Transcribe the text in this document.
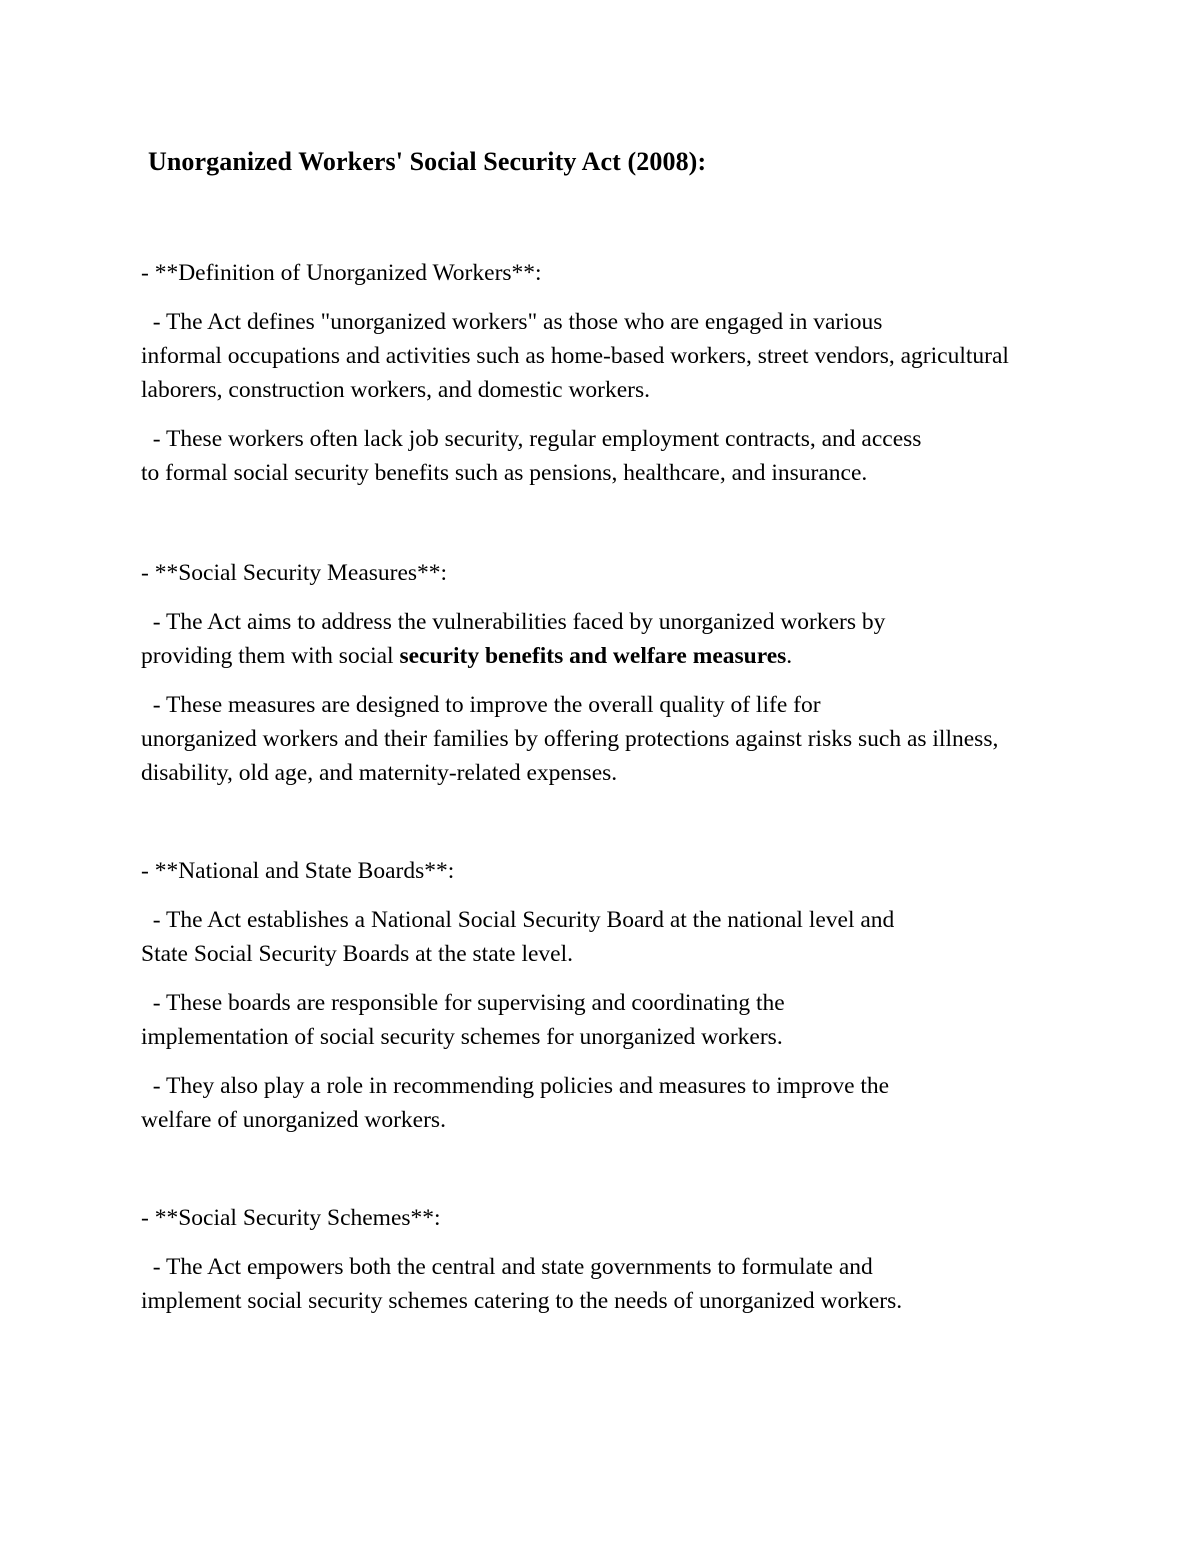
Unorganized Workers' Social Security Act (2008):

- **Definition of Unorganized Workers**:

- The Act defines "unorganized workers" as those who are engaged in various

informal occupations and activities such as home-based workers, street vendors, agricultural laborers, construction workers, and domestic workers.

- These workers often lack job security, regular employment contracts, and access
to formal social security benefits such as pensions, healthcare, and insurance.

- **Social Security Measures**:

- The Act aims to address the vulnerabilities faced by unorganized workers by
providing them with social security benefits and welfare measures.

- These measures are designed to improve the overall quality of life for

unorganized workers and their families by offering protections against risks such as illness, disability, old age, and maternity-related expenses.

- **National and State Boards**:

- The Act establishes a National Social Security Board at the national level and
State Social Security Boards at the state level.

- These boards are responsible for supervising and coordinating the
implementation of social security schemes for unorganized workers.

- They also play a role in recommending policies and measures to improve the
welfare of unorganized workers.

- **Social Security Schemes**:

- The Act empowers both the central and state governments to formulate and
implement social security schemes catering to the needs of unorganized workers.
